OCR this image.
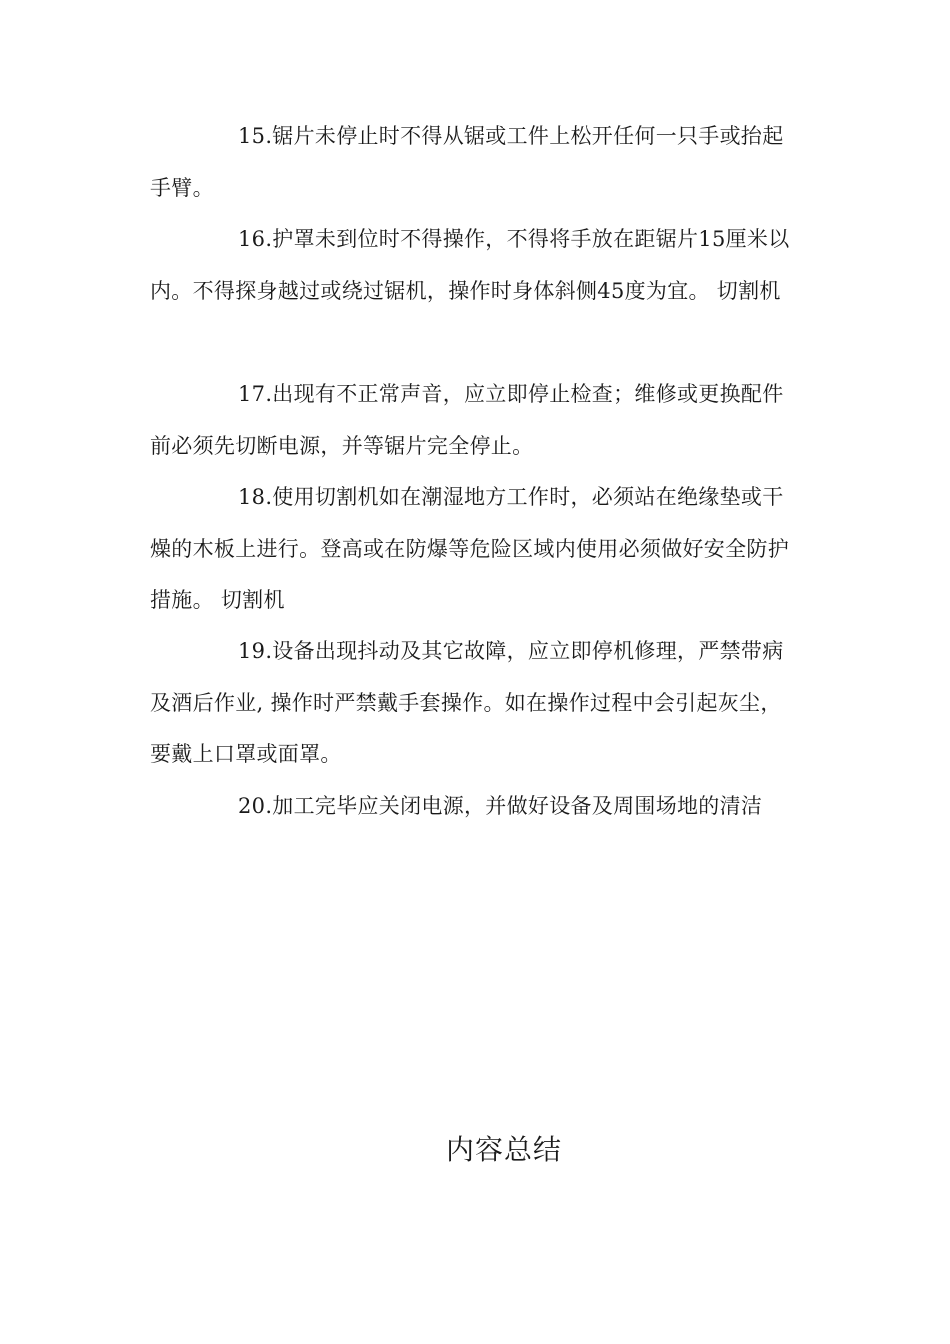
15.锯片未停止时不得从锯或工件上松开任何一只手或抬起手臂。

16.护罩未到位时不得操作，不得将手放在距锯片15厘米以内。不得探身越过或绕过锯机，操作时身体斜侧45度为宜。 切割机

17.出现有不正常声音，应立即停止检查；维修或更换配件前必须先切断电源，并等锯片完全停止。

18.使用切割机如在潮湿地方工作时，必须站在绝缘垫或干燥的木板上进行。登高或在防爆等危险区域内使用必须做好安全防护措施。 切割机

19.设备出现抖动及其它故障，应立即停机修理，严禁带病及酒后作业, 操作时严禁戴手套操作。如在操作过程中会引起灰尘，要戴上口罩或面罩。

20.加工完毕应关闭电源，并做好设备及周围场地的清洁

内容总结
